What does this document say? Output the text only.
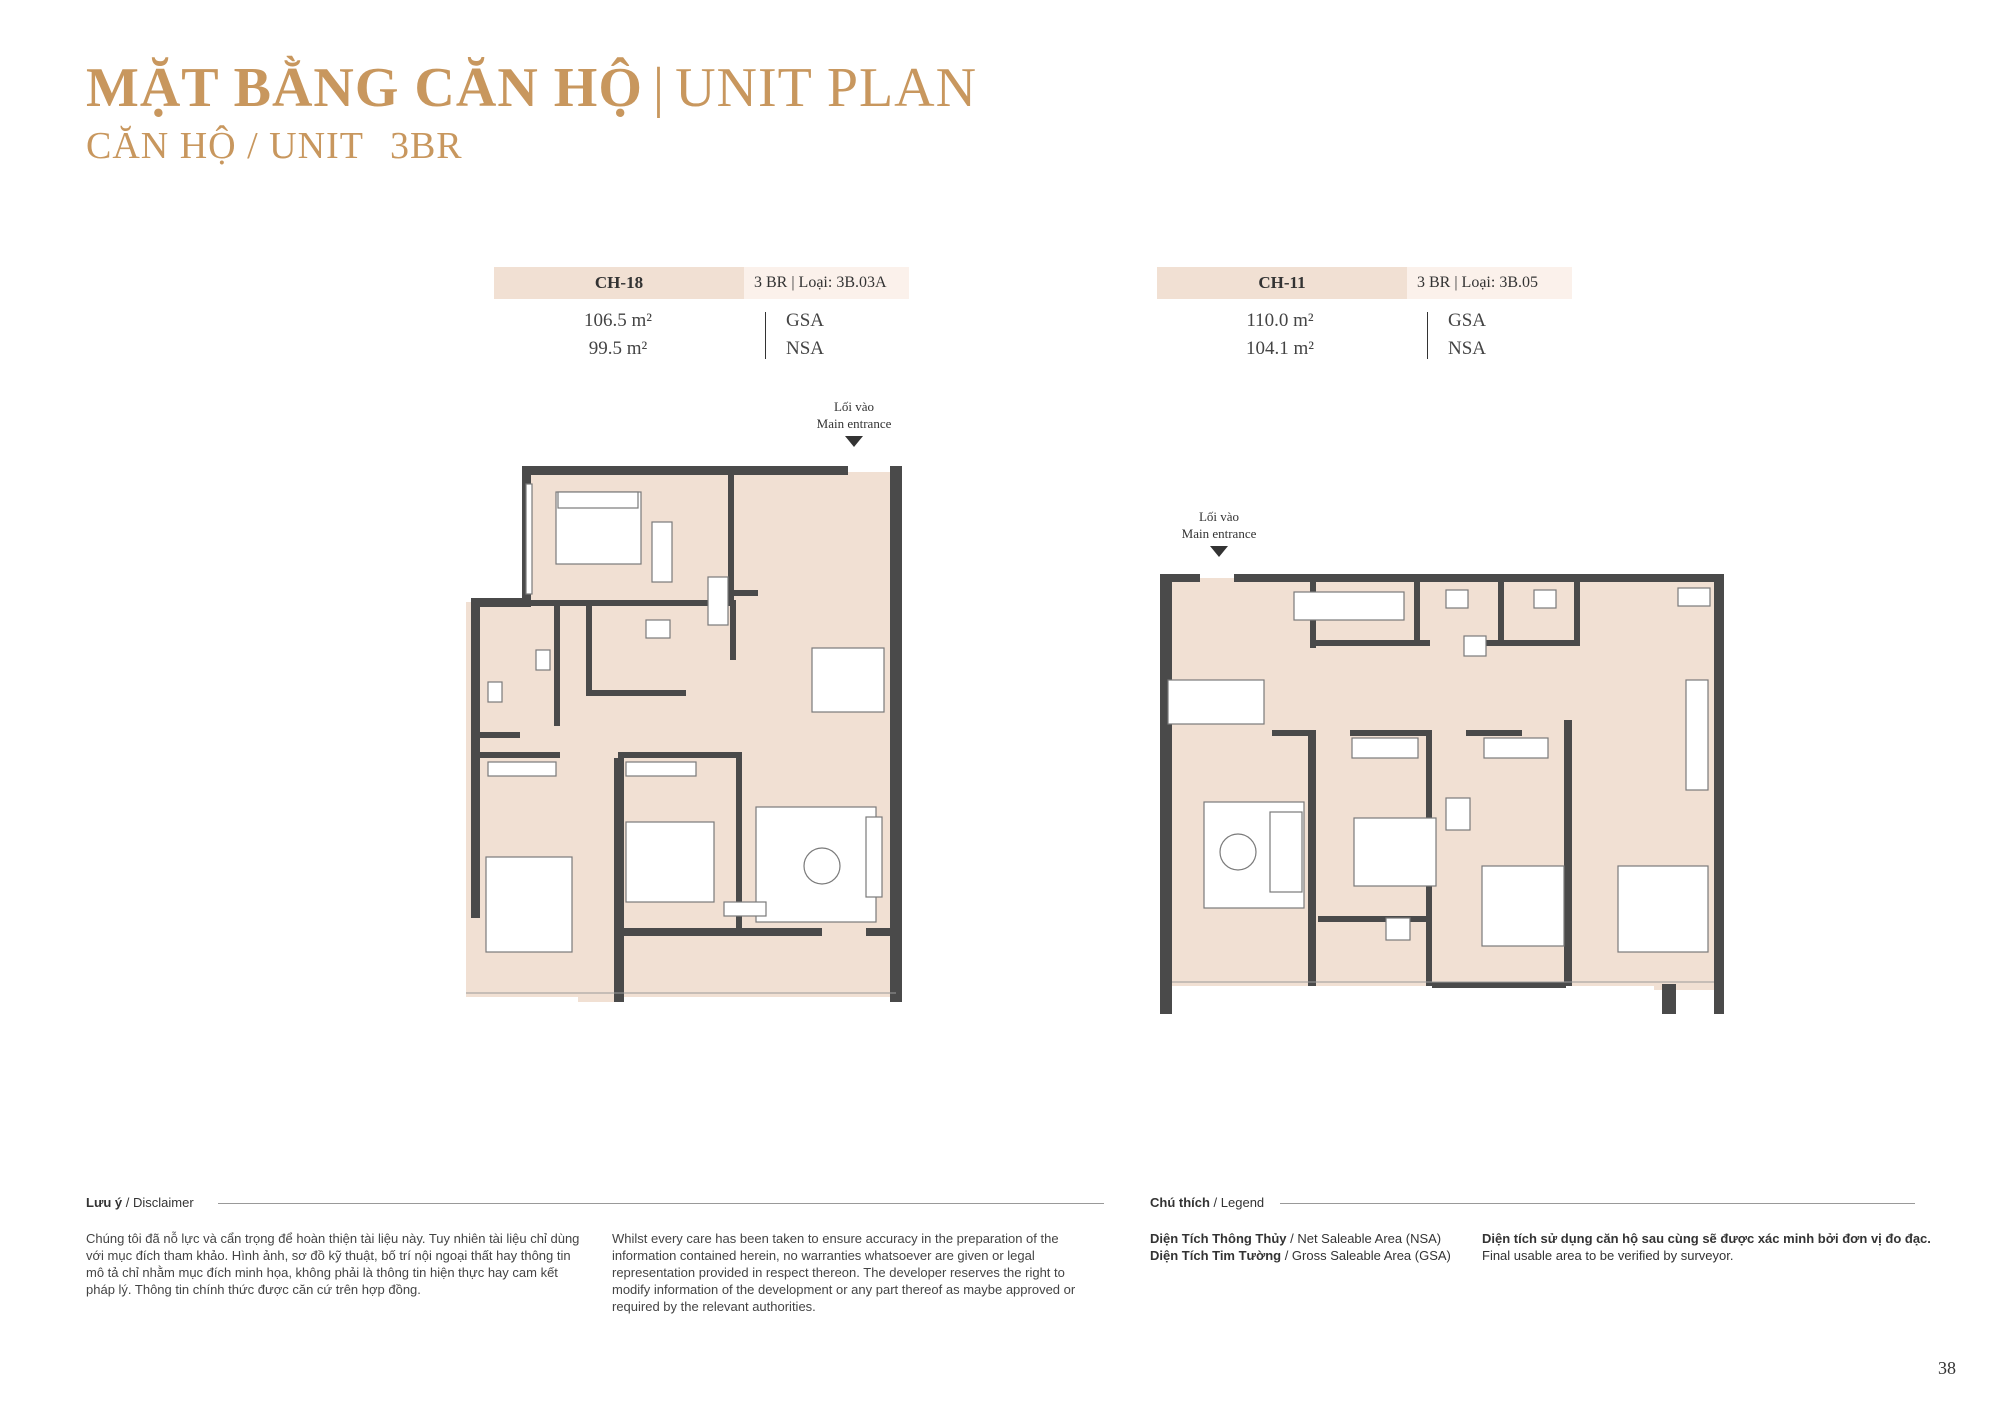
MẶT BẰNG CĂN HỘ | UNIT PLAN
CĂN HỘ / UNIT 3BR
CH-18	3 BR | Loại: 3B.03A
106.5 m²
99.5 m²
GSA
NSA
CH-11	3 BR | Loại: 3B.05
110.0 m²
104.1 m²
GSA
NSA
Lối vào
Main entrance
Lối vào
Main entrance
Lưu ý / Disclaimer
Chúng tôi đã nỗ lực và cẩn trọng để hoàn thiện tài liệu này. Tuy nhiên tài liệu chỉ dùng với mục đích tham khảo. Hình ảnh, sơ đồ kỹ thuật, bố trí nội ngoại thất hay thông tin mô tả chỉ nhằm mục đích minh họa, không phải là thông tin hiện thực hay cam kết pháp lý. Thông tin chính thức được căn cứ trên hợp đồng.
Whilst every care has been taken to ensure accuracy in the preparation of the information contained herein, no warranties whatsoever are given or legal representation provided in respect thereon. The developer reserves the right to modify information of the development or any part thereof as maybe approved or required by the relevant authorities.
Chú thích / Legend
Diện Tích Thông Thủy / Net Saleable Area (NSA)
Diện Tích Tim Tường / Gross Saleable Area (GSA)
Diện tích sử dụng căn hộ sau cùng sẽ được xác minh bởi đơn vị đo đạc.
Final usable area to be verified by surveyor.
38
